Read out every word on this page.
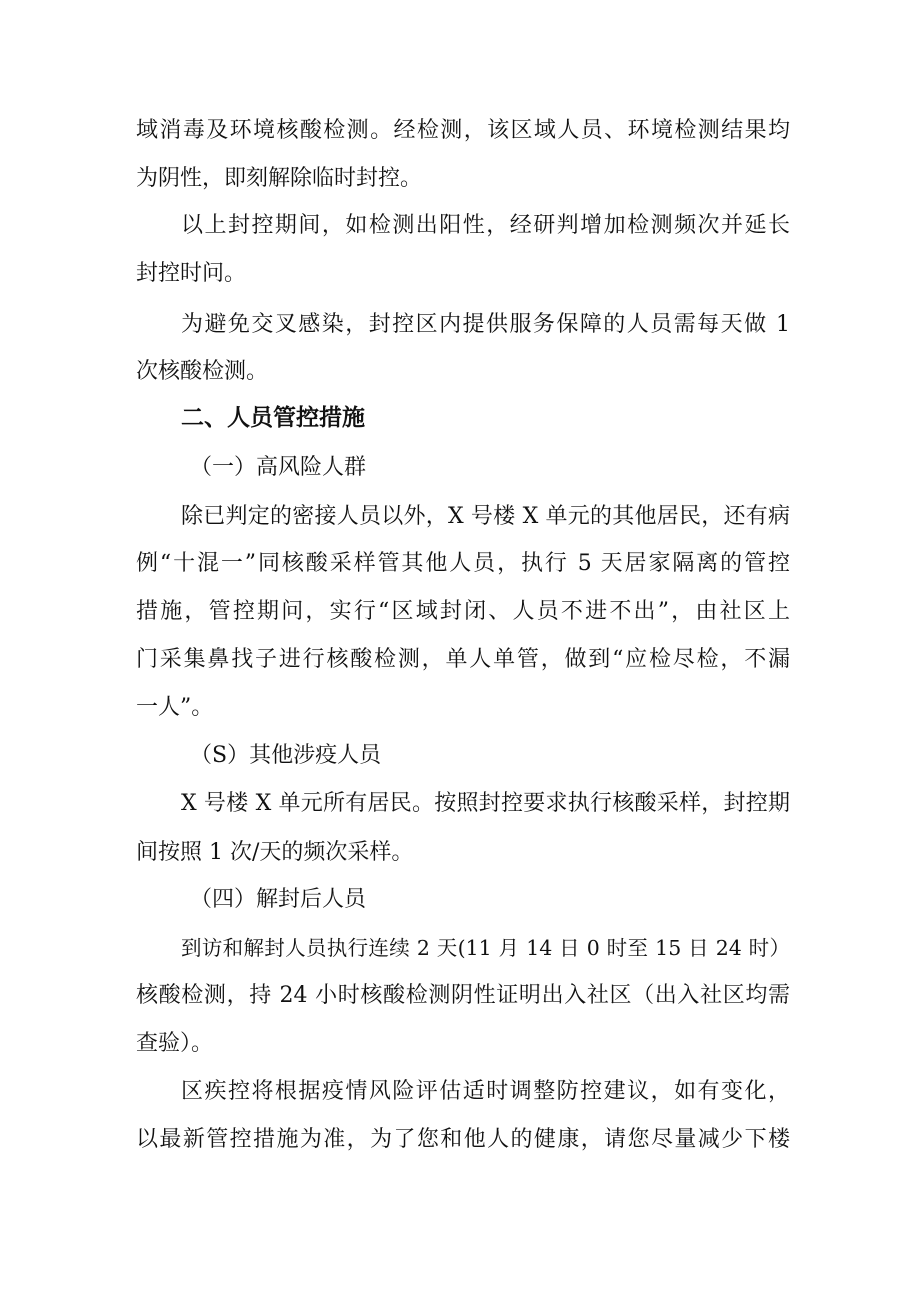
域消毒及环境核酸检测。经检测，该区域人员、环境检测结果均
为阴性，即刻解除临时封控。
以上封控期间，如检测出阳性，经研判增加检测频次并延长
封控时问。
为避免交叉感染，封控区内提供服务保障的人员需每天做 1
次核酸检测。
二、人员管控措施
（一）高风险人群
除已判定的密接人员以外，X 号楼 X 单元的其他居民，还有病
例“十混一”同核酸采样管其他人员，执行 5 天居家隔离的管控
措施，管控期问，实行“区域封闭、人员不进不出”，由社区上
门采集鼻找子进行核酸检测，单人单管，做到“应检尽检，不漏
一人”。
（S）其他涉疫人员
X 号楼 X 单元所有居民。按照封控要求执行核酸采样，封控期
间按照 1 次/天的频次采样。
（四）解封后人员
到访和解封人员执行连续 2 天(11 月 14 日 0 时至 15 日 24 时）
核酸检测，持 24 小时核酸检测阴性证明出入社区（出入社区均需
查验）。
区疾控将根据疫情风险评估适时调整防控建议，如有变化，
以最新管控措施为准，为了您和他人的健康，请您尽量减少下楼
